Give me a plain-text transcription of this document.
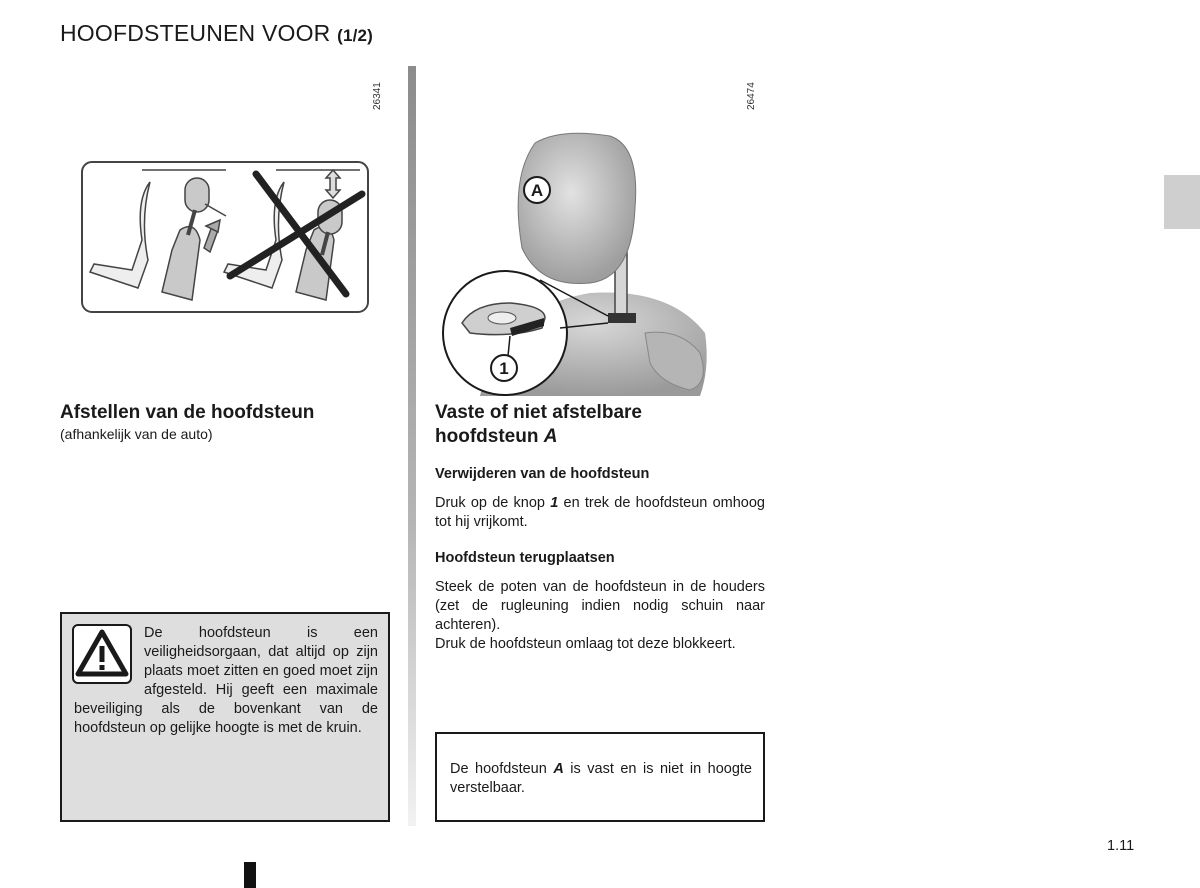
HOOFDSTEUNEN VOOR (1/2)
26341
Afstellen van de hoofdsteun
(afhankelijk van de auto)
De hoofdsteun is een veiligheidsorgaan, dat altijd op zijn plaats moet zitten en goed moet zijn afgesteld. Hij geeft een maximale beveiliging als de bovenkant van de hoofdsteun op gelijke hoogte is met de kruin.
26474
A
1
Vaste of niet afstelbare
hoofdsteun A
Verwijderen van de hoofdsteun

Druk op de knop 1 en trek de hoofdsteun omhoog tot hij vrijkomt.

Hoofdsteun terugplaatsen

Steek de poten van de hoofdsteun in de houders (zet de rugleuning indien nodig schuin naar achteren).

Druk de hoofdsteun omlaag tot deze blokkeert.

De hoofdsteun A is vast en is niet in hoogte verstelbaar.

1.11
